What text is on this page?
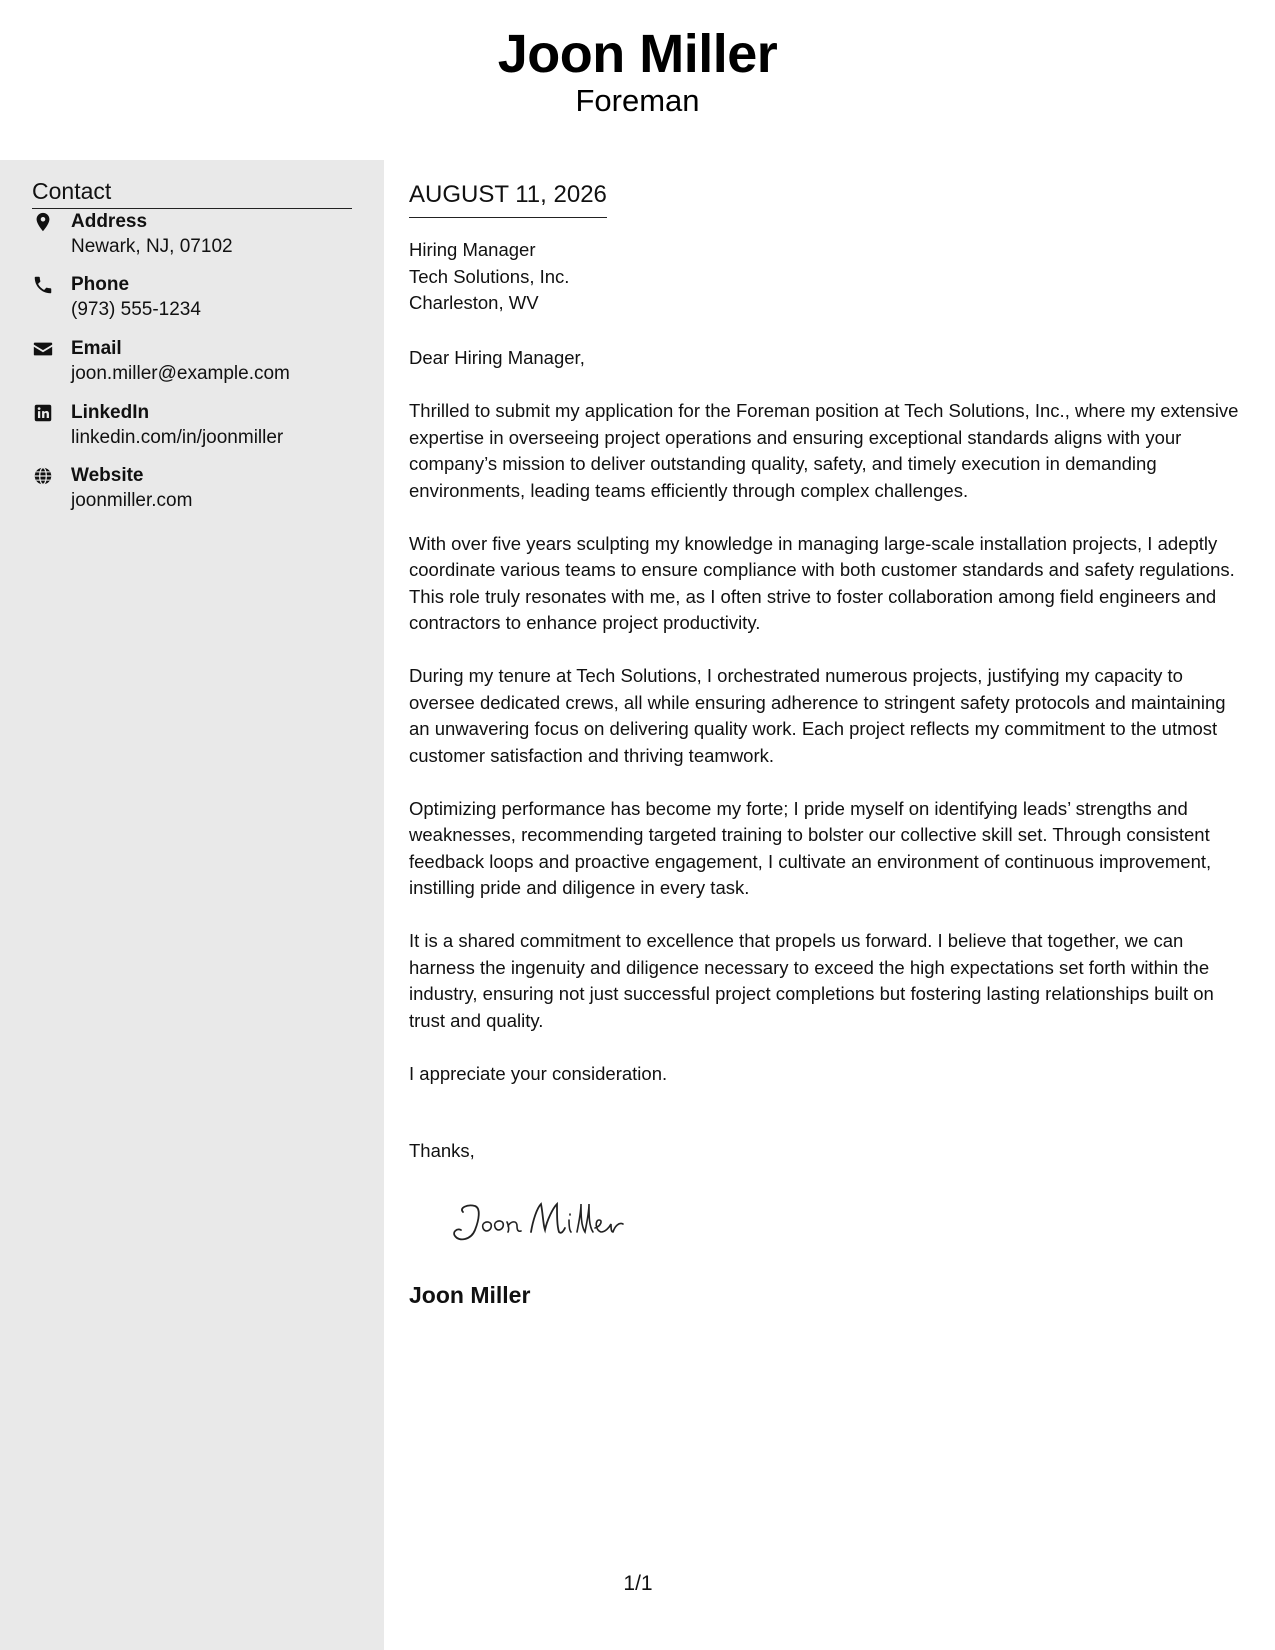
Joon Miller
Foreman
Contact
Address
Newark, NJ, 07102
Phone
(973) 555-1234
Email
joon.miller@example.com
LinkedIn
linkedin.com/in/joonmiller
Website
joonmiller.com
AUGUST 11, 2026
Hiring Manager
Tech Solutions, Inc.
Charleston, WV
Dear Hiring Manager,

Thrilled to submit my application for the Foreman position at Tech Solutions, Inc., where my extensive expertise in overseeing project operations and ensuring exceptional standards aligns with your company’s mission to deliver outstanding quality, safety, and timely execution in demanding environments, leading teams efficiently through complex challenges.

With over five years sculpting my knowledge in managing large-scale installation projects, I adeptly coordinate various teams to ensure compliance with both customer standards and safety regulations. This role truly resonates with me, as I often strive to foster collaboration among field engineers and contractors to enhance project productivity.

During my tenure at Tech Solutions, I orchestrated numerous projects, justifying my capacity to oversee dedicated crews, all while ensuring adherence to stringent safety protocols and maintaining an unwavering focus on delivering quality work. Each project reflects my commitment to the utmost customer satisfaction and thriving teamwork.

Optimizing performance has become my forte; I pride myself on identifying leads’ strengths and weaknesses, recommending targeted training to bolster our collective skill set. Through consistent feedback loops and proactive engagement, I cultivate an environment of continuous improvement, instilling pride and diligence in every task.

It is a shared commitment to excellence that propels us forward. I believe that together, we can harness the ingenuity and diligence necessary to exceed the high expectations set forth within the industry, ensuring not just successful project completions but fostering lasting relationships built on trust and quality.

I appreciate your consideration.

Thanks,
Joon Miller
1/1
